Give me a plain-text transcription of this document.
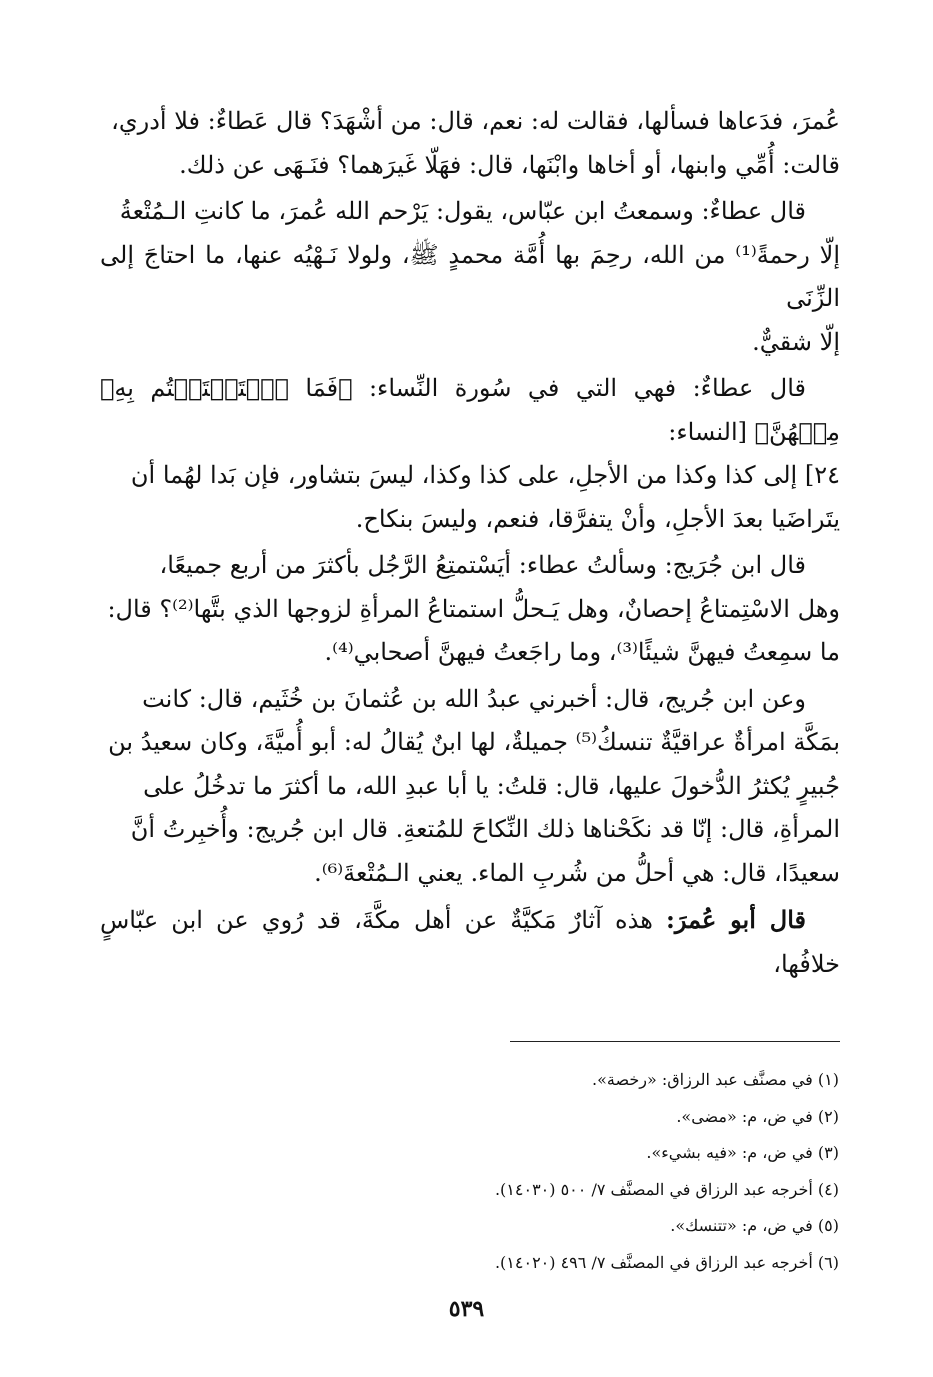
عُمرَ، فدَعاها فسألها، فقالت له: نعم، قال: من أشْهَدَ؟ قال عَطاءٌ: فلا أدري،
قالت: أُمِّي وابنها، أو أخاها وابْنَها، قال: فهَلّا غَيرَهما؟ فنَـهَى عن ذلك.

قال عطاءٌ: وسمعتُ ابن عبّاس، يقول: يَرْحم الله عُمرَ، ما كانتِ الـمُتْعةُ
إلّا رحمةً⁽¹⁾ من الله، رحِمَ بها أُمَّة محمدٍ ﷺ، ولولا نَـهْيُه عنها، ما احتاجَ إلى الزِّنَى
إلّا شقيٌّ.

قال عطاءٌ: فهي التي في سُورة النِّساء: ﴿فَمَا ٱسۡتَمۡتَعۡتُم بِهِۦ مِنۡهُنَّ﴾ [النساء:
٢٤] إلى كذا وكذا من الأجلِ، على كذا وكذا، ليسَ بتشاور، فإن بَدا لهُما أن
يتَراضَيا بعدَ الأجلِ، وأنْ يتفرَّقا، فنعم، وليسَ بنكاح.

قال ابن جُرَيج: وسألتُ عطاء: أيَسْتمتِعُ الرَّجُل بأكثرَ من أربع جميعًا،
وهل الاسْتِمتاعُ إحصانٌ، وهل يَـحلُّ استمتاعُ المرأةِ لزوجها الذي بتَّها⁽²⁾؟ قال:
ما سمِعتُ فيهنَّ شيئًا⁽³⁾، وما راجَعتُ فيهنَّ أصحابي⁽⁴⁾.

وعن ابن جُريج، قال: أخبرني عبدُ الله بن عُثمانَ بن خُثَيم، قال: كانت
بمَكَّة امرأةٌ عراقيَّةٌ تنسكُ⁽⁵⁾ جميلةٌ، لها ابنٌ يُقالُ له: أبو أُميَّةَ، وكان سعيدُ بن
جُبيرٍ يُكثرُ الدُّخولَ عليها، قال: قلتُ: يا أبا عبدِ الله، ما أكثرَ ما تدخُلُ على
المرأةِ، قال: إنّا قد نكَحْناها ذلك النِّكاحَ للمُتعةِ. قال ابن جُريج: وأُخبِرتُ أنَّ
سعيدًا، قال: هي أحلُّ من شُربِ الماء. يعني الـمُتْعةَ⁽⁶⁾.

قال أبو عُمرَ: هذه آثارٌ مَكيَّةٌ عن أهل مكَّةَ، قد رُوي عن ابن عبّاسٍ خلافُها،

(١) في مصنَّف عبد الرزاق: «رخصة».
(٢) في ض، م: «مضى».
(٣) في ض، م: «فيه بشيء».
(٤) أخرجه عبد الرزاق في المصنَّف ٧/ ٥٠٠ (١٤٠٣٠).
(٥) في ض، م: «تتنسك».
(٦) أخرجه عبد الرزاق في المصنَّف ٧/ ٤٩٦ (١٤٠٢٠).
٥٣٩
